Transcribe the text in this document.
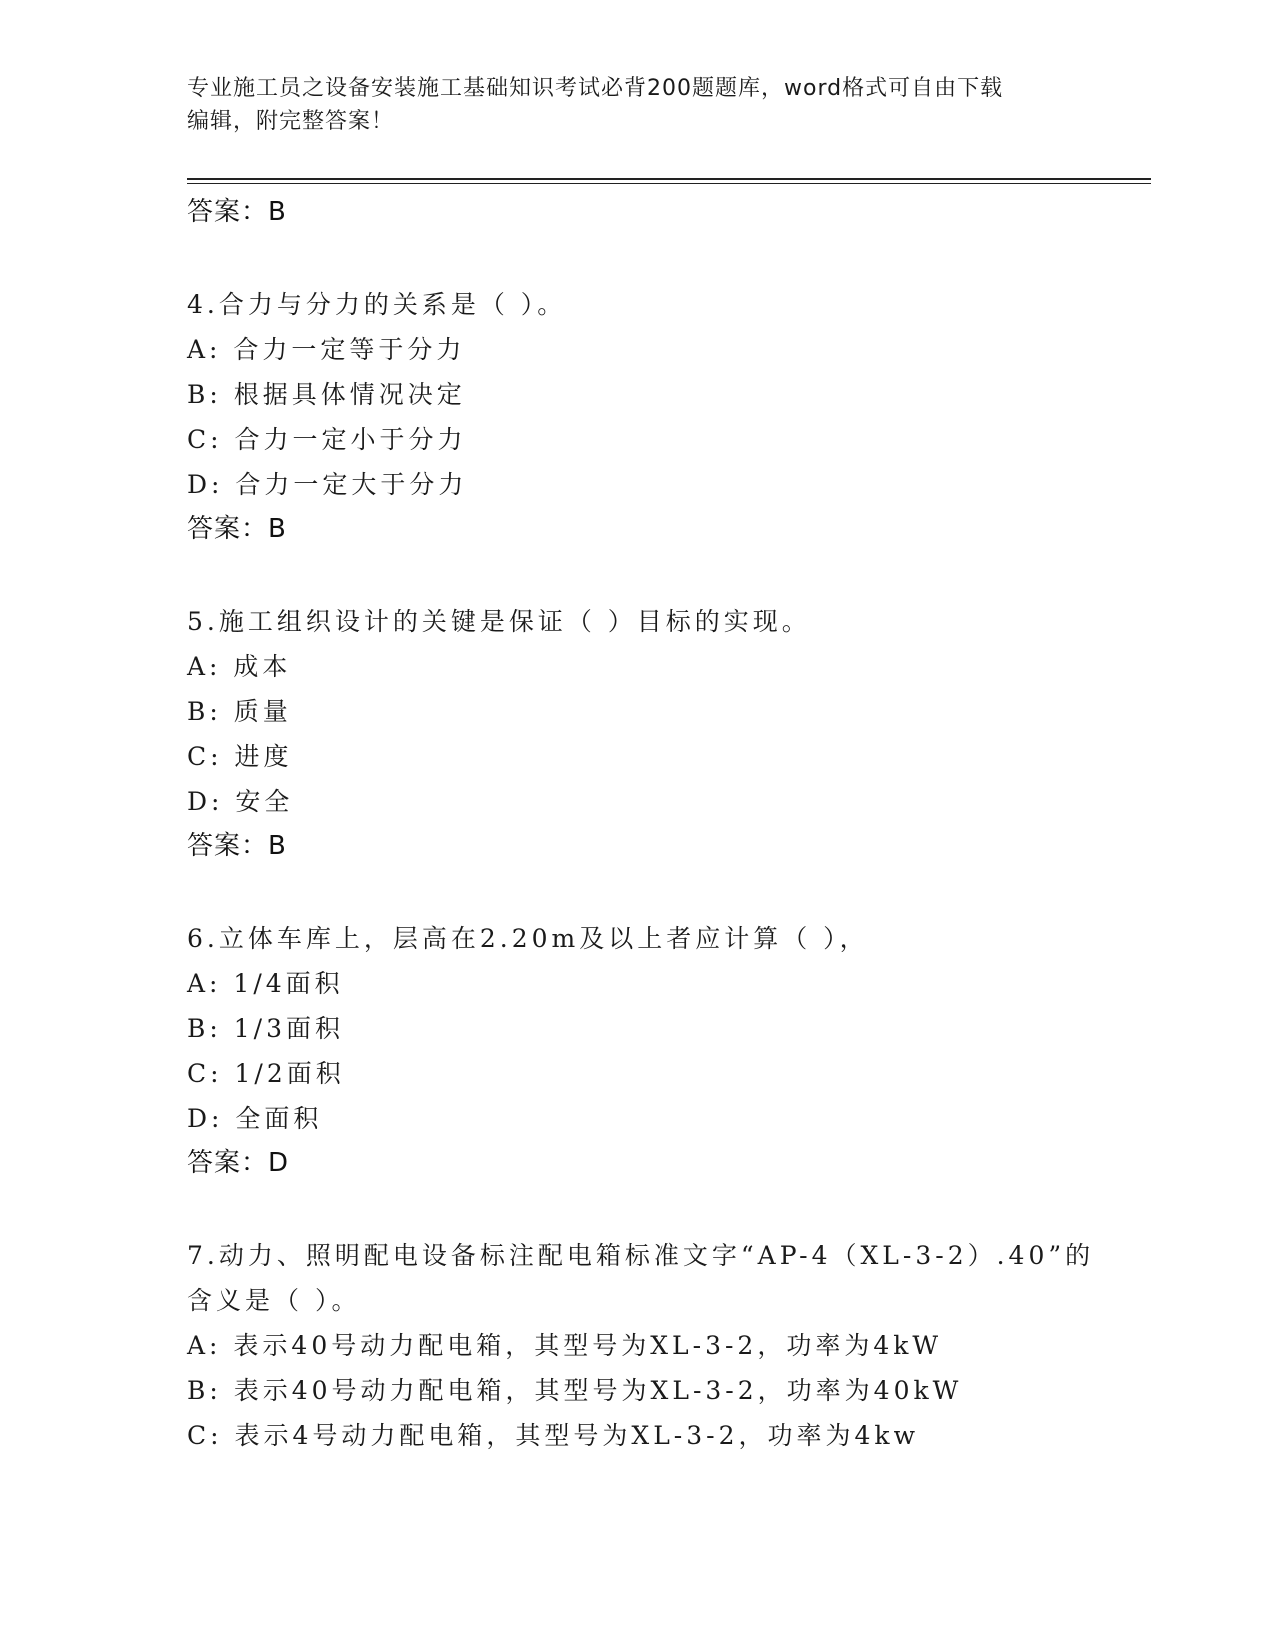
专业施工员之设备安装施工基础知识考试必背200题题库，word格式可自由下载
编辑，附完整答案！
答案：B
4.合力与分力的关系是（ ）。
A: 合力一定等于分力
B: 根据具体情况决定
C: 合力一定小于分力
D: 合力一定大于分力
答案：B
5.施工组织设计的关键是保证（ ）目标的实现。
A: 成本
B: 质量
C: 进度
D: 安全
答案：B
6.立体车库上，层高在2.20m及以上者应计算（ ），
A: 1/4面积
B: 1/3面积
C: 1/2面积
D: 全面积
答案：D
7.动力、照明配电设备标注配电箱标准文字“AP-4（XL-3-2）.40”的
含义是（ ）。
A: 表示40号动力配电箱，其型号为XL-3-2，功率为4kW
B: 表示40号动力配电箱，其型号为XL-3-2，功率为40kW
C: 表示4号动力配电箱，其型号为XL-3-2，功率为4kw
